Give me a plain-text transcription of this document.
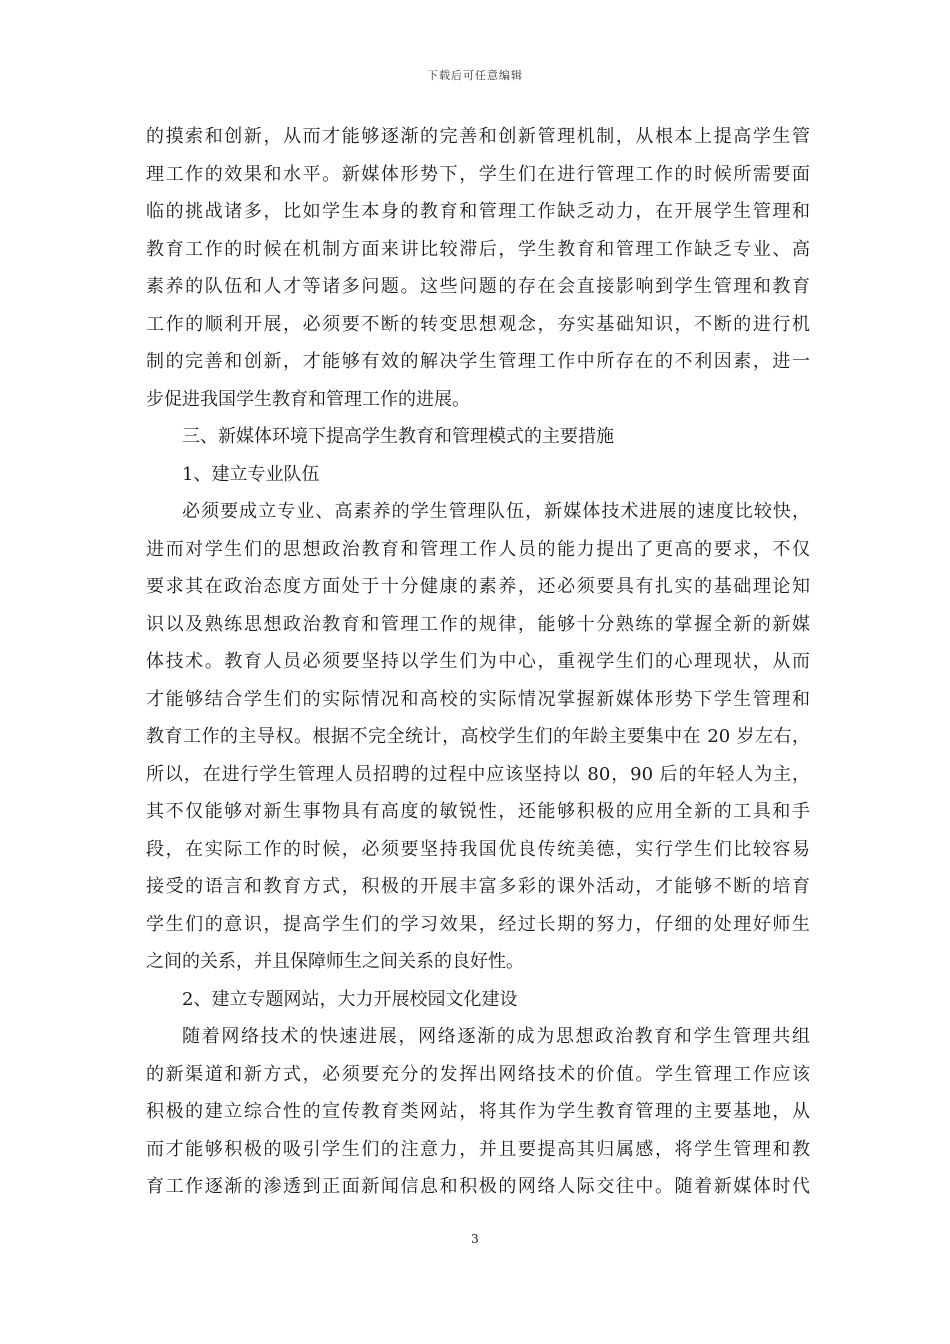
下载后可任意编辑
的摸索和创新，从而才能够逐渐的完善和创新管理机制，从根本上提高学生管
理工作的效果和水平。新媒体形势下，学生们在进行管理工作的时候所需要面
临的挑战诸多，比如学生本身的教育和管理工作缺乏动力，在开展学生管理和
教育工作的时候在机制方面来讲比较滞后，学生教育和管理工作缺乏专业、高
素养的队伍和人才等诸多问题。这些问题的存在会直接影响到学生管理和教育
工作的顺利开展，必须要不断的转变思想观念，夯实基础知识，不断的进行机
制的完善和创新，才能够有效的解决学生管理工作中所存在的不利因素，进一
步促进我国学生教育和管理工作的进展。
三、新媒体环境下提高学生教育和管理模式的主要措施
1、建立专业队伍
必须要成立专业、高素养的学生管理队伍，新媒体技术进展的速度比较快，
进而对学生们的思想政治教育和管理工作人员的能力提出了更高的要求，不仅
要求其在政治态度方面处于十分健康的素养，还必须要具有扎实的基础理论知
识以及熟练思想政治教育和管理工作的规律，能够十分熟练的掌握全新的新媒
体技术。教育人员必须要坚持以学生们为中心，重视学生们的心理现状，从而
才能够结合学生们的实际情况和高校的实际情况掌握新媒体形势下学生管理和
教育工作的主导权。根据不完全统计，高校学生们的年龄主要集中在 20 岁左右，
所以，在进行学生管理人员招聘的过程中应该坚持以 80，90 后的年轻人为主，
其不仅能够对新生事物具有高度的敏锐性，还能够积极的应用全新的工具和手
段，在实际工作的时候，必须要坚持我国优良传统美德，实行学生们比较容易
接受的语言和教育方式，积极的开展丰富多彩的课外活动，才能够不断的培育
学生们的意识，提高学生们的学习效果，经过长期的努力，仔细的处理好师生
之间的关系，并且保障师生之间关系的良好性。
2、建立专题网站，大力开展校园文化建设
随着网络技术的快速进展，网络逐渐的成为思想政治教育和学生管理共组
的新渠道和新方式，必须要充分的发挥出网络技术的价值。学生管理工作应该
积极的建立综合性的宣传教育类网站，将其作为学生教育管理的主要基地，从
而才能够积极的吸引学生们的注意力，并且要提高其归属感，将学生管理和教
育工作逐渐的渗透到正面新闻信息和积极的网络人际交往中。随着新媒体时代
3
